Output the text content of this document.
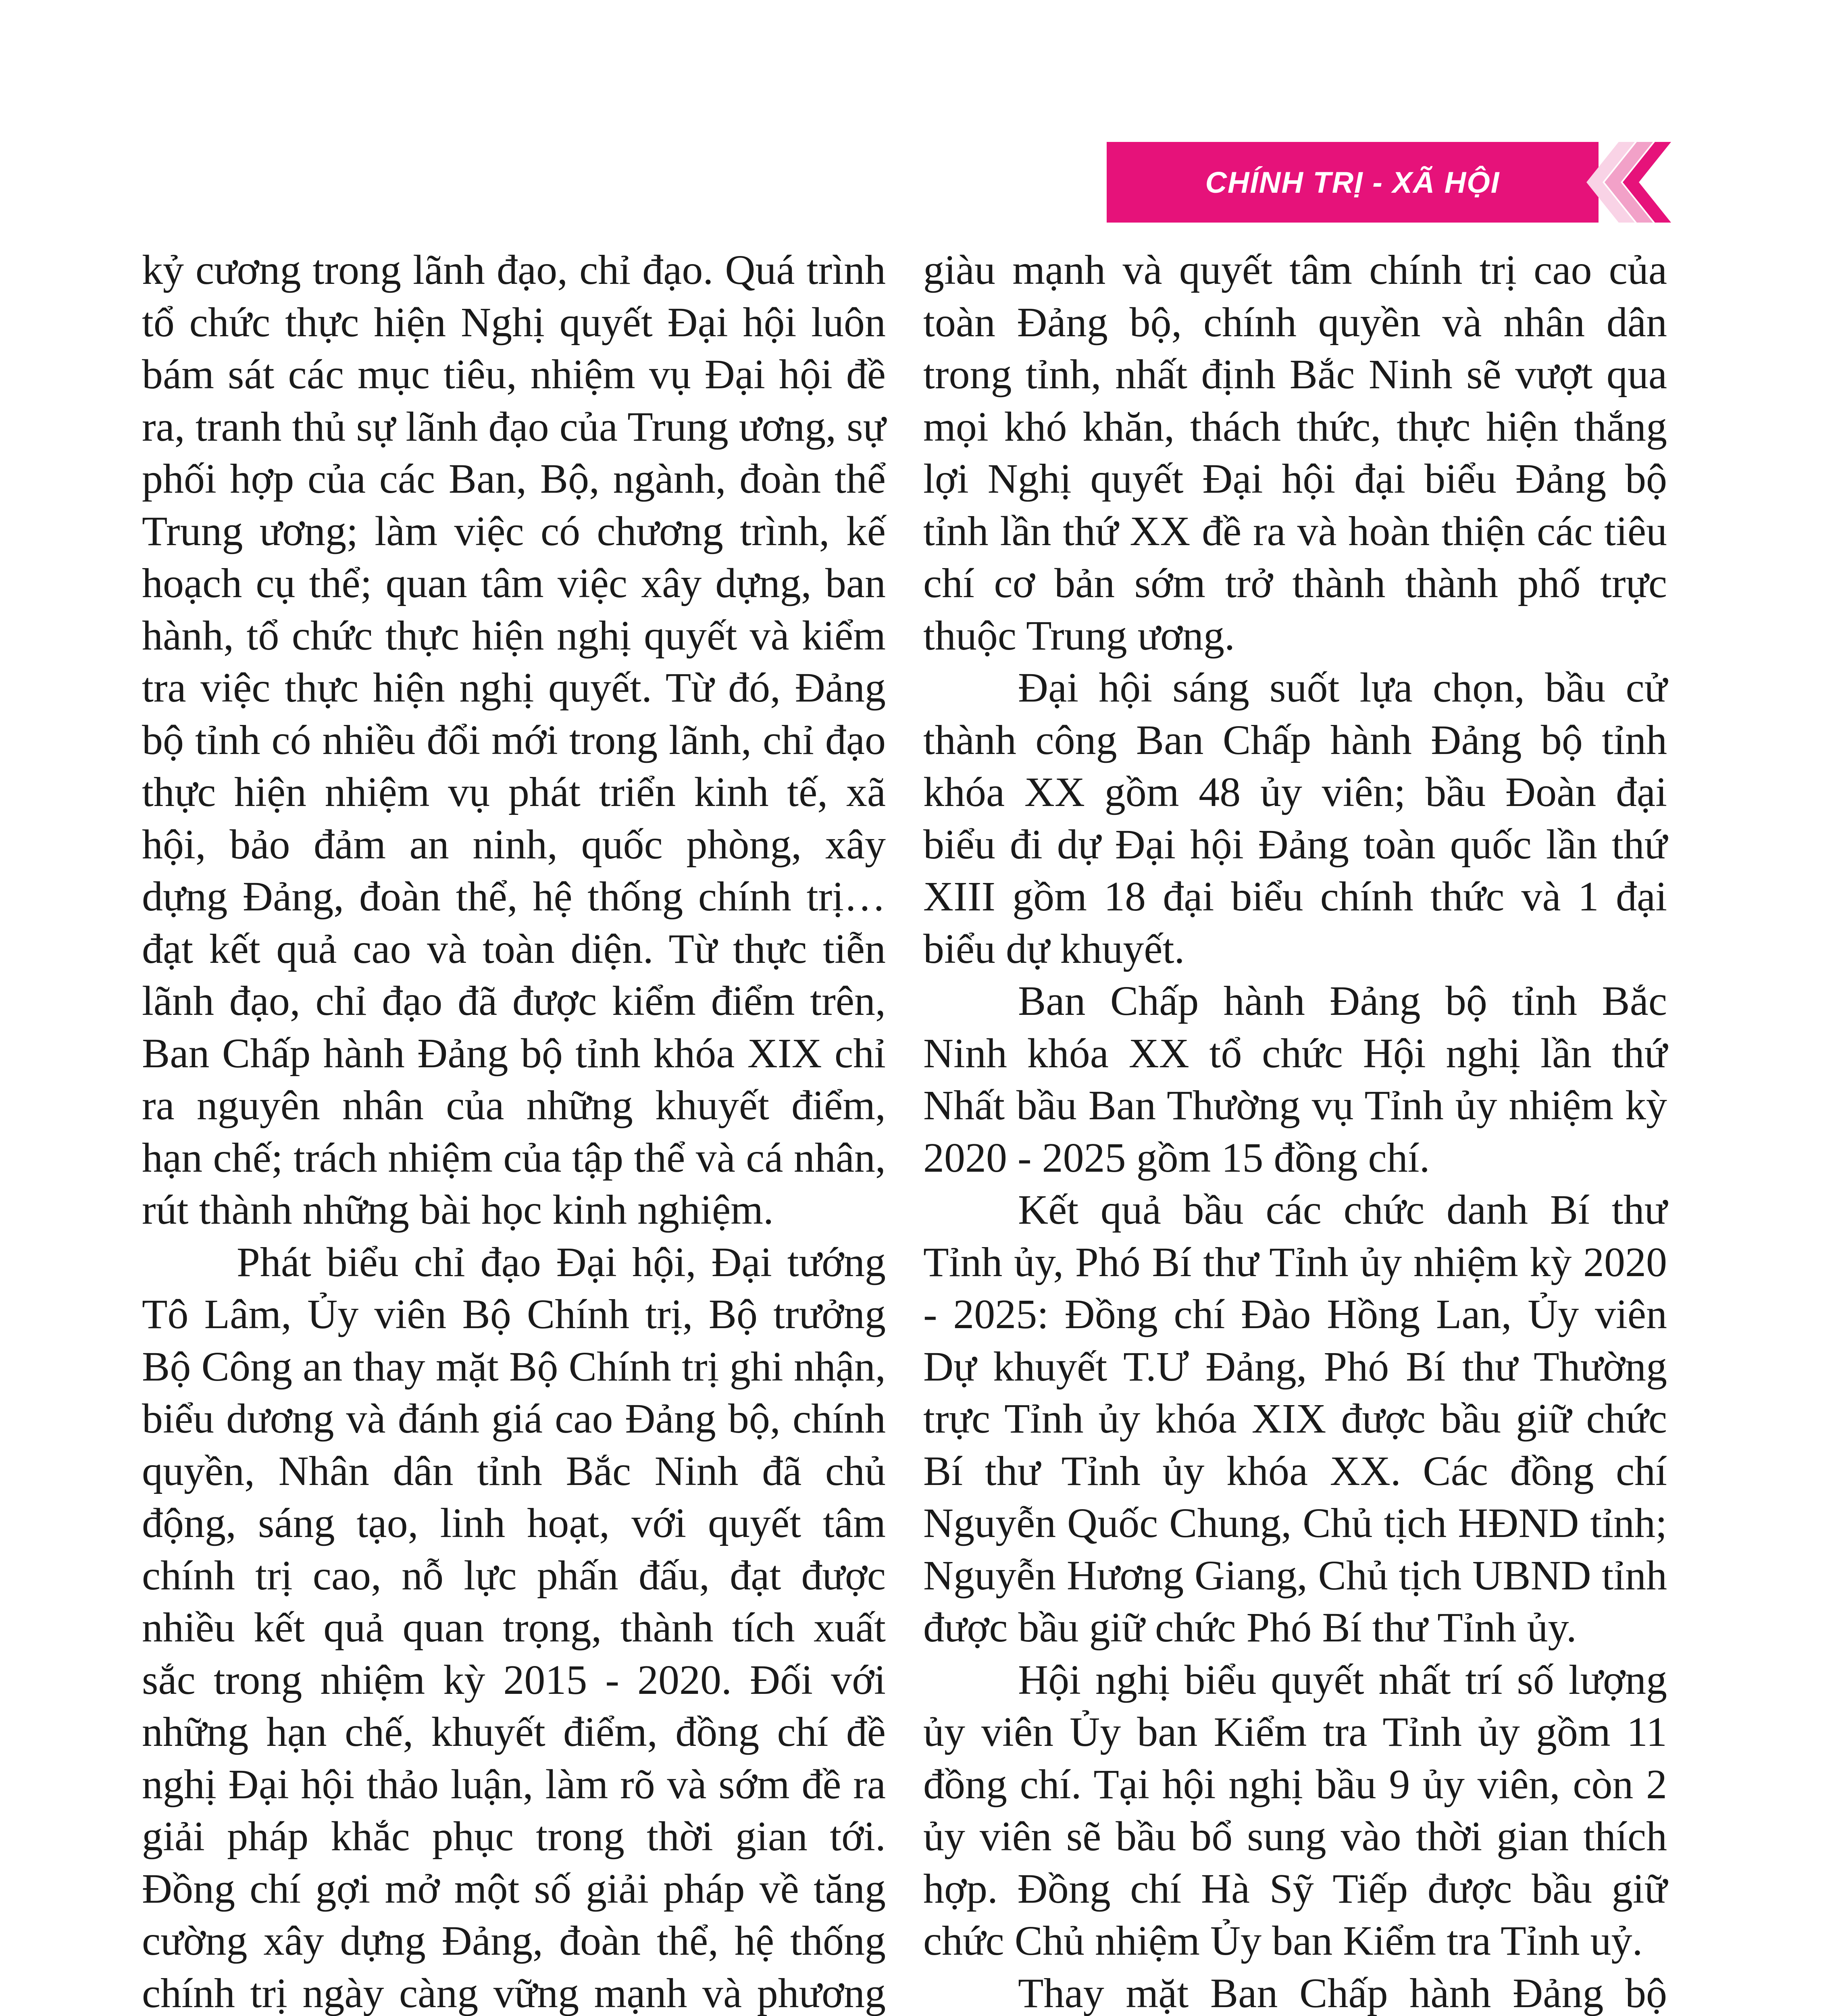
CHÍNH TRỊ - XÃ HỘI

kỷ cương trong lãnh đạo, chỉ đạo. Quá trình tổ chức thực hiện Nghị quyết Đại hội luôn bám sát các mục tiêu, nhiệm vụ Đại hội đề ra, tranh thủ sự lãnh đạo của Trung ương, sự phối hợp của các Ban, Bộ, ngành, đoàn thể Trung ương; làm việc có chương trình, kế hoạch cụ thể; quan tâm việc xây dựng, ban hành, tổ chức thực hiện nghị quyết và kiểm tra việc thực hiện nghị quyết. Từ đó, Đảng bộ tỉnh có nhiều đổi mới trong lãnh, chỉ đạo thực hiện nhiệm vụ phát triển kinh tế, xã hội, bảo đảm an ninh, quốc phòng, xây dựng Đảng, đoàn thể, hệ thống chính trị… đạt kết quả cao và toàn diện. Từ thực tiễn lãnh đạo, chỉ đạo đã được kiểm điểm trên, Ban Chấp hành Đảng bộ tỉnh khóa XIX chỉ ra nguyên nhân của những khuyết điểm, hạn chế; trách nhiệm của tập thể và cá nhân, rút thành những bài học kinh nghiệm.

Phát biểu chỉ đạo Đại hội, Đại tướng Tô Lâm, Ủy viên Bộ Chính trị, Bộ trưởng Bộ Công an thay mặt Bộ Chính trị ghi nhận, biểu dương và đánh giá cao Đảng bộ, chính quyền, Nhân dân tỉnh Bắc Ninh đã chủ động, sáng tạo, linh hoạt, với quyết tâm chính trị cao, nỗ lực phấn đấu, đạt được nhiều kết quả quan trọng, thành tích xuất sắc trong nhiệm kỳ 2015 - 2020. Đối với những hạn chế, khuyết điểm, đồng chí đề nghị Đại hội thảo luận, làm rõ và sớm đề ra giải pháp khắc phục trong thời gian tới. Đồng chí gợi mở một số giải pháp về tăng cường xây dựng Đảng, đoàn thể, hệ thống chính trị ngày càng vững mạnh và phương

giàu mạnh và quyết tâm chính trị cao của toàn Đảng bộ, chính quyền và nhân dân trong tỉnh, nhất định Bắc Ninh sẽ vượt qua mọi khó khăn, thách thức, thực hiện thắng lợi Nghị quyết Đại hội đại biểu Đảng bộ tỉnh lần thứ XX đề ra và hoàn thiện các tiêu chí cơ bản sớm trở thành thành phố trực thuộc Trung ương.

Đại hội sáng suốt lựa chọn, bầu cử thành công Ban Chấp hành Đảng bộ tỉnh khóa XX gồm 48 ủy viên; bầu Đoàn đại biểu đi dự Đại hội Đảng toàn quốc lần thứ XIII gồm 18 đại biểu chính thức và 1 đại biểu dự khuyết.

Ban Chấp hành Đảng bộ tỉnh Bắc Ninh khóa XX tổ chức Hội nghị lần thứ Nhất bầu Ban Thường vụ Tỉnh ủy nhiệm kỳ 2020 - 2025 gồm 15 đồng chí.

Kết quả bầu các chức danh Bí thư Tỉnh ủy, Phó Bí thư Tỉnh ủy nhiệm kỳ 2020 - 2025: Đồng chí Đào Hồng Lan, Ủy viên Dự khuyết T.Ư Đảng, Phó Bí thư Thường trực Tỉnh ủy khóa XIX được bầu giữ chức Bí thư Tỉnh ủy khóa XX. Các đồng chí Nguyễn Quốc Chung, Chủ tịch HĐND tỉnh; Nguyễn Hương Giang, Chủ tịch UBND tỉnh được bầu giữ chức Phó Bí thư Tỉnh ủy.

Hội nghị biểu quyết nhất trí số lượng ủy viên Ủy ban Kiểm tra Tỉnh ủy gồm 11 đồng chí. Tại hội nghị bầu 9 ủy viên, còn 2 ủy viên sẽ bầu bổ sung vào thời gian thích hợp. Đồng chí Hà Sỹ Tiếp được bầu giữ chức Chủ nhiệm Ủy ban Kiểm tra Tỉnh uỷ.

Thay mặt Ban Chấp hành Đảng bộ
